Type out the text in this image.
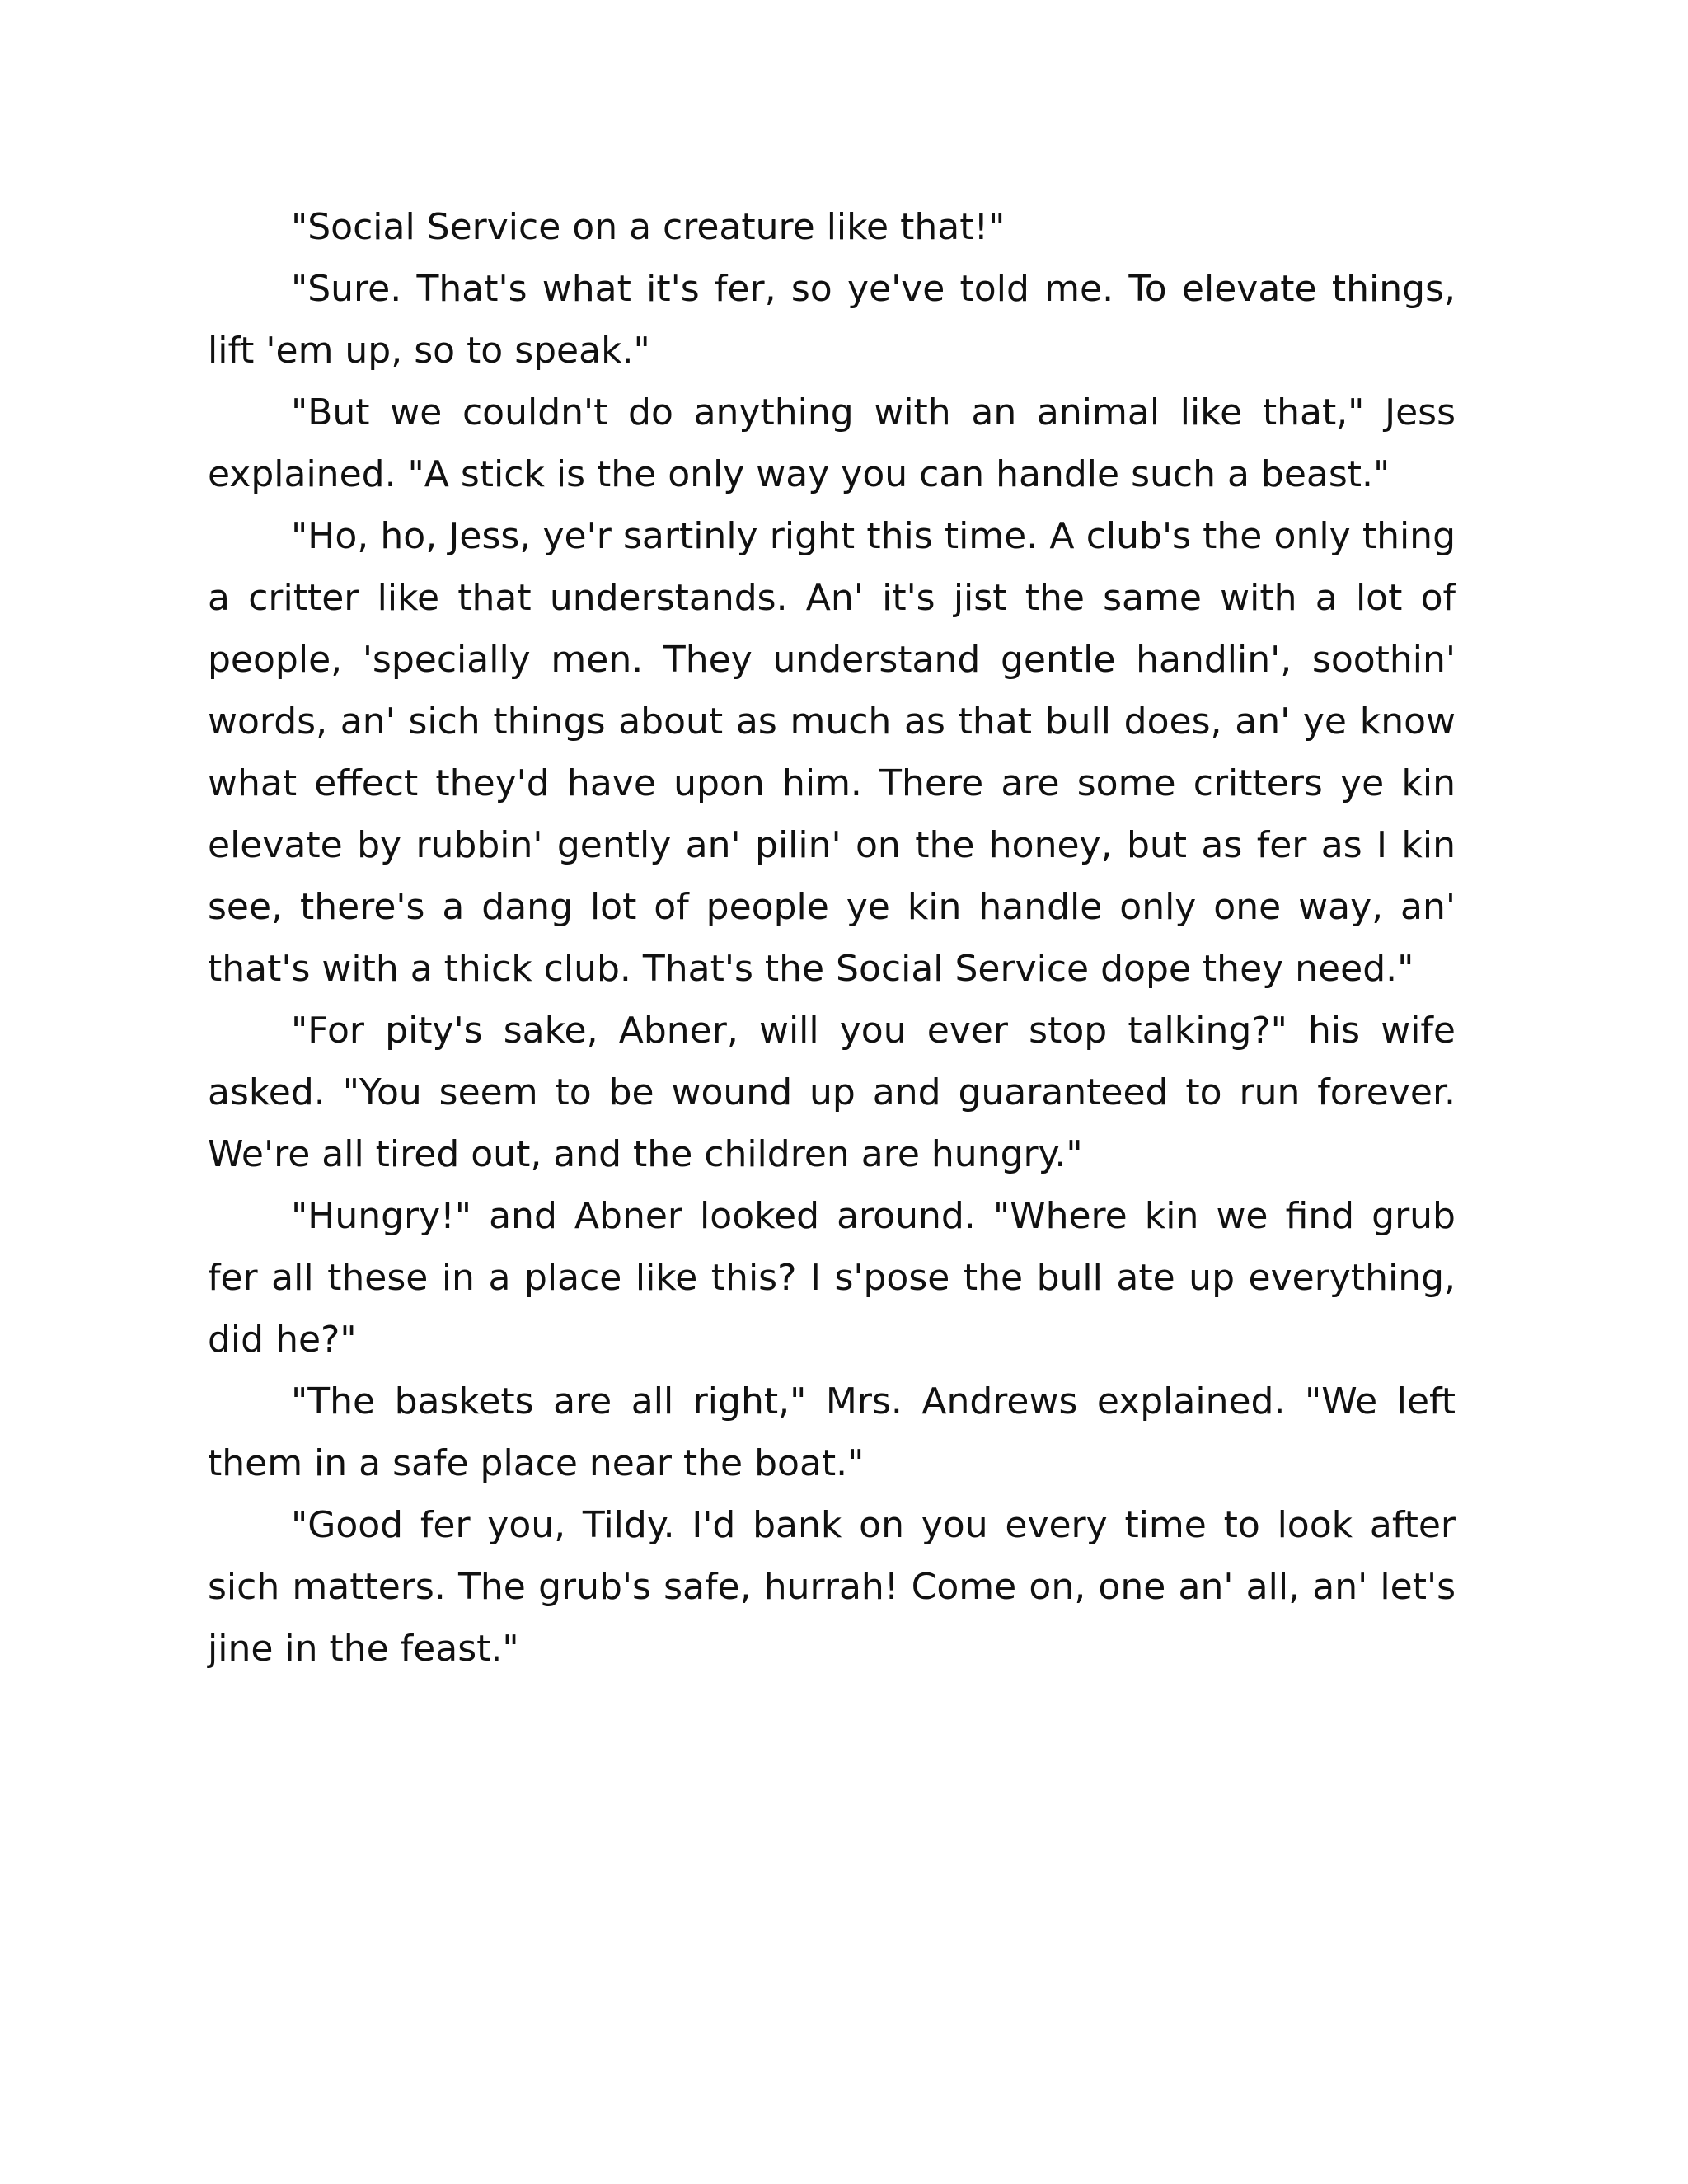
"Social Service on a creature like that!"

"Sure. That's what it's fer, so ye've told me. To elevate things, lift 'em up, so to speak."

"But we couldn't do anything with an animal like that," Jess explained. "A stick is the only way you can handle such a beast."

"Ho, ho, Jess, ye'r sartinly right this time. A club's the only thing a critter like that understands. An' it's jist the same with a lot of people, 'specially men. They understand gentle handlin', soothin' words, an' sich things about as much as that bull does, an' ye know what effect they'd have upon him. There are some critters ye kin elevate by rubbin' gently an' pilin' on the honey, but as fer as I kin see, there's a dang lot of people ye kin handle only one way, an' that's with a thick club. That's the Social Service dope they need."

"For pity's sake, Abner, will you ever stop talking?" his wife asked. "You seem to be wound up and guaranteed to run forever. We're all tired out, and the children are hungry."

"Hungry!" and Abner looked around. "Where kin we find grub fer all these in a place like this? I s'pose the bull ate up everything, did he?"

"The baskets are all right," Mrs. Andrews explained. "We left them in a safe place near the boat."

"Good fer you, Tildy. I'd bank on you every time to look after sich matters. The grub's safe, hurrah! Come on, one an' all, an' let's jine in the feast."
